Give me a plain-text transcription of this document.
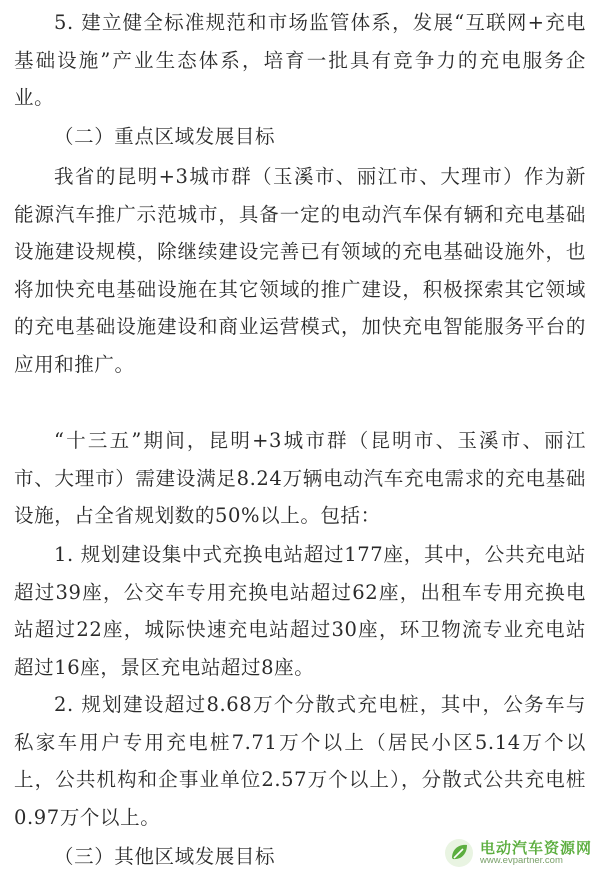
5. 建立健全标准规范和市场监管体系，发展“互联网+充电基础设施”产业生态体系，培育一批具有竞争力的充电服务企业。

（二）重点区域发展目标

我省的昆明+3城市群（玉溪市、丽江市、大理市）作为新能源汽车推广示范城市，具备一定的电动汽车保有辆和充电基础设施建设规模，除继续建设完善已有领域的充电基础设施外，也将加快充电基础设施在其它领域的推广建设，积极探索其它领域的充电基础设施建设和商业运营模式，加快充电智能服务平台的应用和推广。

“十三五”期间，昆明+3城市群（昆明市、玉溪市、丽江市、大理市）需建设满足8.24万辆电动汽车充电需求的充电基础设施，占全省规划数的50%以上。包括：

1. 规划建设集中式充换电站超过177座，其中，公共充电站超过39座，公交车专用充换电站超过62座，出租车专用充换电站超过22座，城际快速充电站超过30座，环卫物流专业充电站超过16座，景区充电站超过8座。

2. 规划建设超过8.68万个分散式充电桩，其中，公务车与私家车用户专用充电桩7.71万个以上（居民小区5.14万个以上，公共机构和企事业单位2.57万个以上），分散式公共充电桩0.97万个以上。

（三）其他区域发展目标	电动汽车资源网
www.evpartner.com
